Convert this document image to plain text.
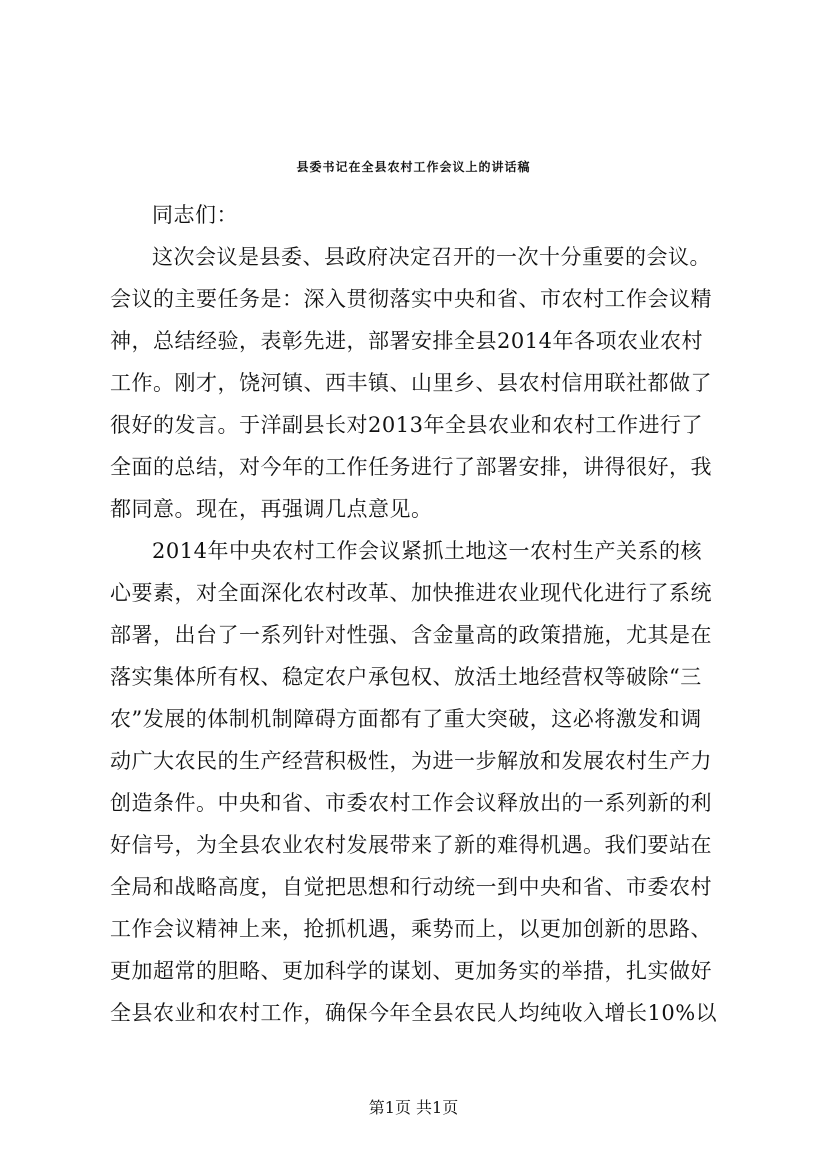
县委书记在全县农村工作会议上的讲话稿
同志们：
这次会议是县委、县政府决定召开的一次十分重要的会议。
会议的主要任务是：深入贯彻落实中央和省、市农村工作会议精
神，总结经验，表彰先进，部署安排全县2014年各项农业农村
工作。刚才，饶河镇、西丰镇、山里乡、县农村信用联社都做了
很好的发言。于洋副县长对2013年全县农业和农村工作进行了
全面的总结，对今年的工作任务进行了部署安排，讲得很好，我
都同意。现在，再强调几点意见。
2014年中央农村工作会议紧抓土地这一农村生产关系的核
心要素，对全面深化农村改革、加快推进农业现代化进行了系统
部署，出台了一系列针对性强、含金量高的政策措施，尤其是在
落实集体所有权、稳定农户承包权、放活土地经营权等破除“三
农”发展的体制机制障碍方面都有了重大突破，这必将激发和调
动广大农民的生产经营积极性，为进一步解放和发展农村生产力
创造条件。中央和省、市委农村工作会议释放出的一系列新的利
好信号，为全县农业农村发展带来了新的难得机遇。我们要站在
全局和战略高度，自觉把思想和行动统一到中央和省、市委农村
工作会议精神上来，抢抓机遇，乘势而上，以更加创新的思路、
更加超常的胆略、更加科学的谋划、更加务实的举措，扎实做好
全县农业和农村工作，确保今年全县农民人均纯收入增长10%以
第1页 共1页
